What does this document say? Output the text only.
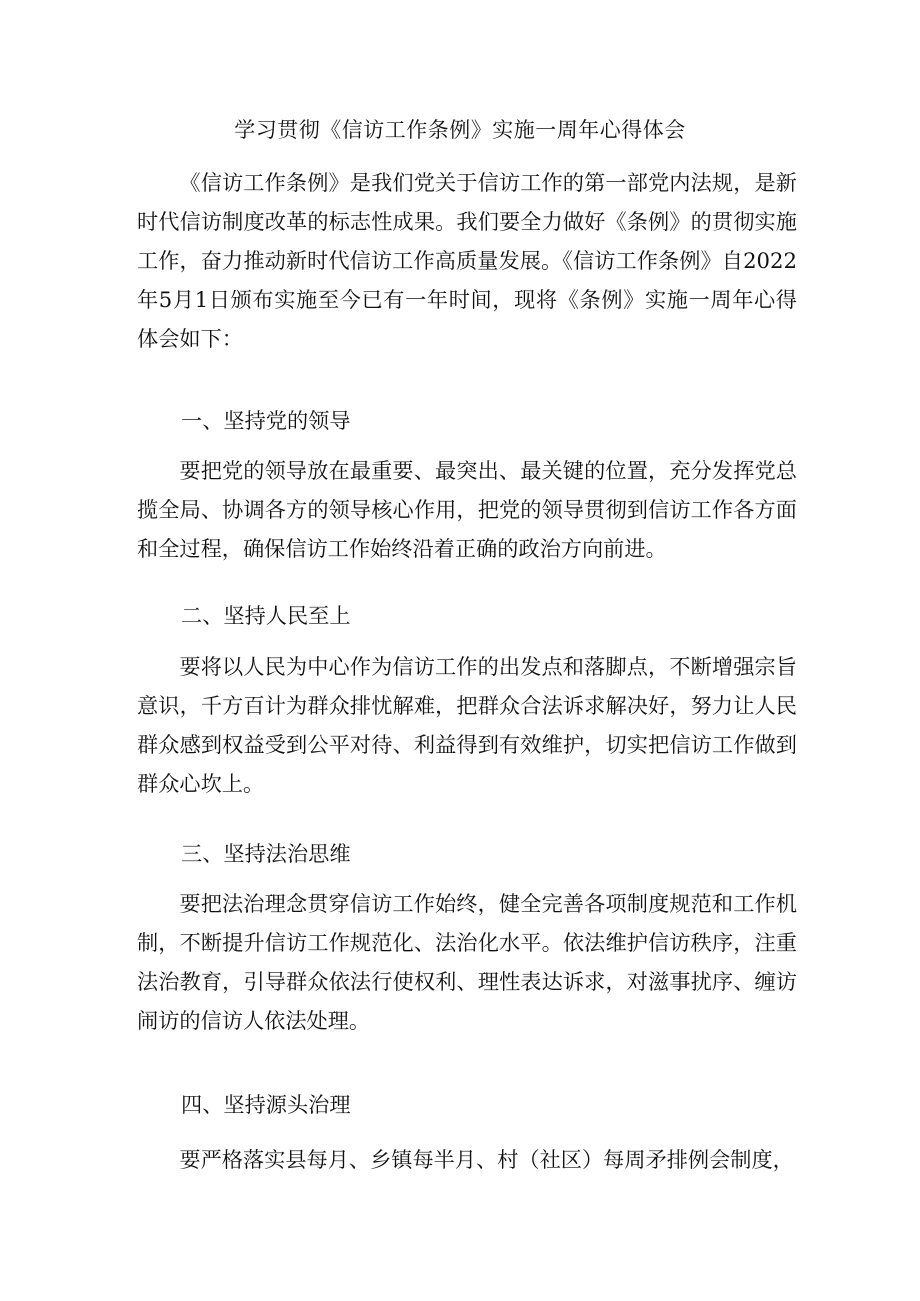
学习贯彻《信访工作条例》实施一周年心得体会

《信访工作条例》是我们党关于信访工作的第一部党内法规，是新时代信访制度改革的标志性成果。我们要全力做好《条例》的贯彻实施工作，奋力推动新时代信访工作高质量发展。《信访工作条例》自2022年5月1日颁布实施至今已有一年时间，现将《条例》实施一周年心得体会如下：

一、坚持党的领导

要把党的领导放在最重要、最突出、最关键的位置，充分发挥党总揽全局、协调各方的领导核心作用，把党的领导贯彻到信访工作各方面和全过程，确保信访工作始终沿着正确的政治方向前进。

二、坚持人民至上

要将以人民为中心作为信访工作的出发点和落脚点，不断增强宗旨意识，千方百计为群众排忧解难，把群众合法诉求解决好，努力让人民群众感到权益受到公平对待、利益得到有效维护，切实把信访工作做到群众心坎上。

三、坚持法治思维

要把法治理念贯穿信访工作始终，健全完善各项制度规范和工作机制，不断提升信访工作规范化、法治化水平。依法维护信访秩序，注重法治教育，引导群众依法行使权利、理性表达诉求，对滋事扰序、缠访闹访的信访人依法处理。

四、坚持源头治理

要严格落实县每月、乡镇每半月、村（社区）每周矛排例会制度，
